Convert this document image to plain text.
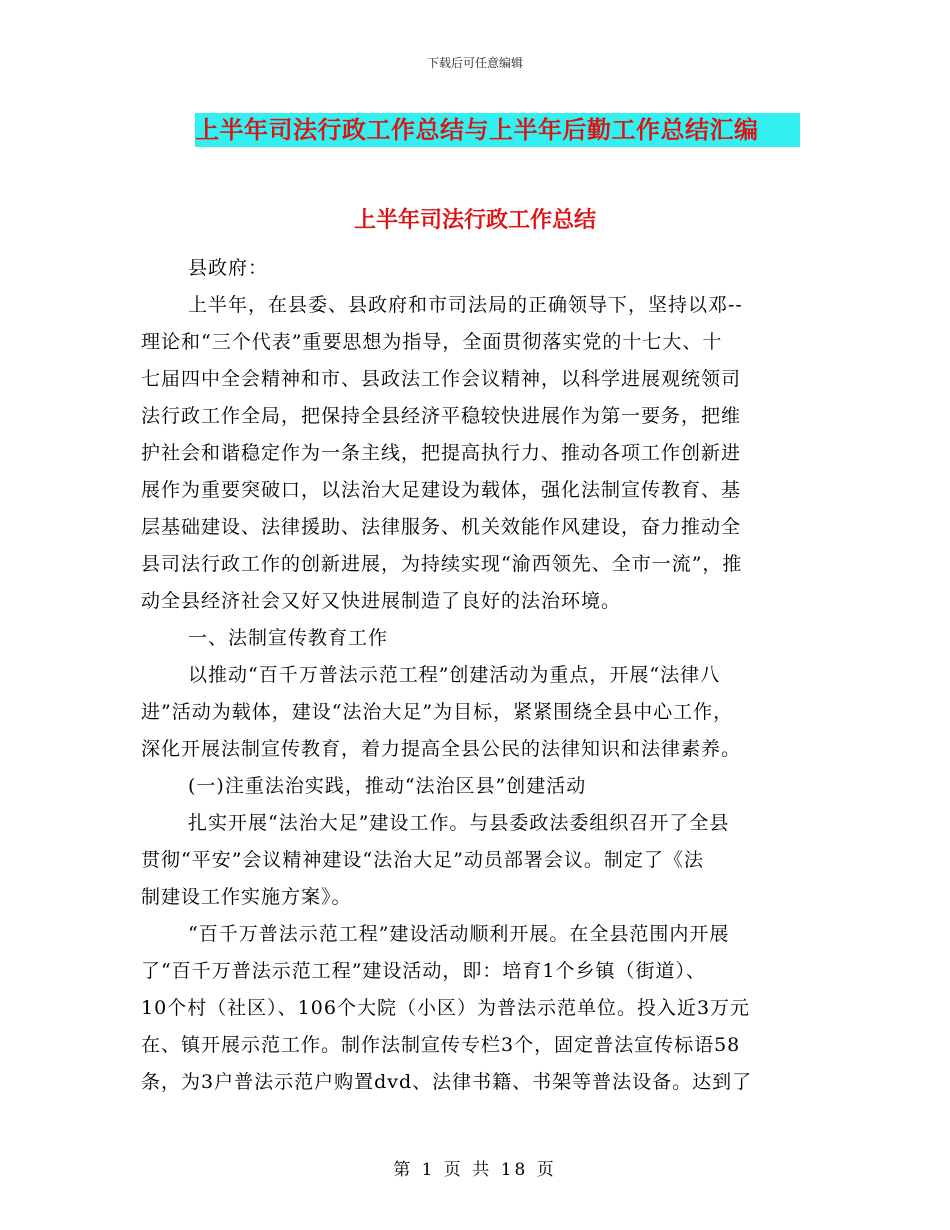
下载后可任意编辑
上半年司法行政工作总结与上半年后勤工作总结汇编
上半年司法行政工作总结
县政府：
上半年，在县委、县政府和市司法局的正确领导下，坚持以邓--
理论和“三个代表”重要思想为指导，全面贯彻落实党的十七大、十
七届四中全会精神和市、县政法工作会议精神，以科学进展观统领司
法行政工作全局，把保持全县经济平稳较快进展作为第一要务，把维
护社会和谐稳定作为一条主线，把提高执行力、推动各项工作创新进
展作为重要突破口，以法治大足建设为载体，强化法制宣传教育、基
层基础建设、法律援助、法律服务、机关效能作风建设，奋力推动全
县司法行政工作的创新进展，为持续实现“渝西领先、全市一流”，推
动全县经济社会又好又快进展制造了良好的法治环境。
一、法制宣传教育工作
以推动“百千万普法示范工程”创建活动为重点，开展“法律八
进”活动为载体，建设“法治大足”为目标，紧紧围绕全县中心工作，
深化开展法制宣传教育，着力提高全县公民的法律知识和法律素养。
(一)注重法治实践，推动“法治区县”创建活动
扎实开展“法治大足”建设工作。与县委政法委组织召开了全县
贯彻“平安”会议精神建设“法治大足”动员部署会议。制定了《法
制建设工作实施方案》。
“百千万普法示范工程”建设活动顺利开展。在全县范围内开展
了“百千万普法示范工程”建设活动，即：培育1个乡镇（街道）、
10个村（社区）、106个大院（小区）为普法示范单位。投入近3万元
在、镇开展示范工作。制作法制宣传专栏3个，固定普法宣传标语58
条，为3户普法示范户购置dvd、法律书籍、书架等普法设备。达到了
第 1 页 共 18 页
